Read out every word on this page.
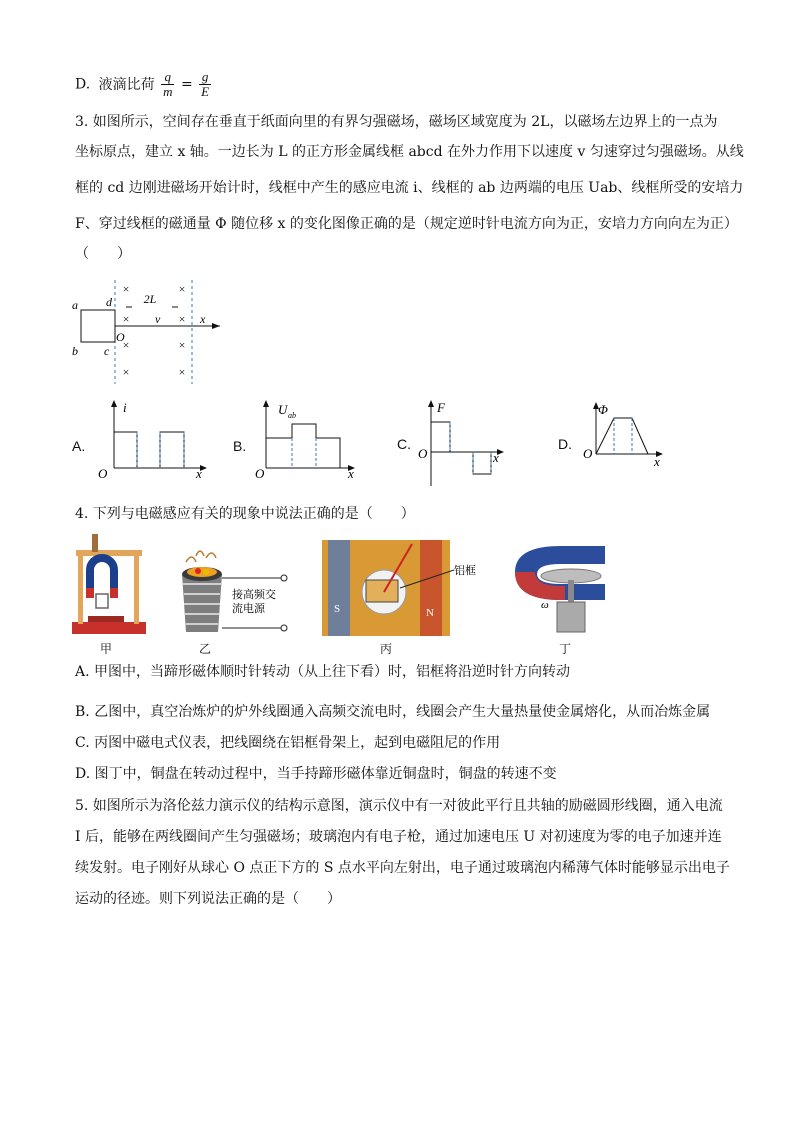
D. 液滴比荷 $\frac{q}{m} = \frac{g}{E}$
3. 如图所示，空间存在垂直于纸面向里的有界匀强磁场，磁场区域宽度为 2L，以磁场左边界上的一点为
坐标原点，建立 x 轴。一边长为 L 的正方形金属线框 abcd 在外力作用下以速度 v 匀速穿过匀强磁场。从线
框的 cd 边刚进磁场开始计时，线框中产生的感应电流 i、线框的 ab 边两端的电压 Uab、线框所受的安培力
F、穿过线框的磁通量 Φ 随位移 x 的变化图像正确的是（规定逆时针电流方向为正，安培力方向向左为正）
（　　）
2L
a d
b c
O
v	x
×	×
×	×
×	×
×	×
A.
i
O	x
B.
U ab
O	x
C.
F
O	x
D.
Φ
O
x
4. 下列与电磁感应有关的现象中说法正确的是（　　）
甲
接高频交
流电源
乙
S	N
铝框
丙
ω
丁
A. 甲图中，当蹄形磁体顺时针转动（从上往下看）时，铝框将沿逆时针方向转动
B. 乙图中，真空冶炼炉的炉外线圈通入高频交流电时，线圈会产生大量热量使金属熔化，从而冶炼金属
C. 丙图中磁电式仪表，把线圈绕在铝框骨架上，起到电磁阻尼的作用
D. 图丁中，铜盘在转动过程中，当手持蹄形磁体靠近铜盘时，铜盘的转速不变
5. 如图所示为洛伦兹力演示仪的结构示意图，演示仪中有一对彼此平行且共轴的励磁圆形线圈，通入电流
I 后，能够在两线圈间产生匀强磁场；玻璃泡内有电子枪，通过加速电压 U 对初速度为零的电子加速并连
续发射。电子刚好从球心 O 点正下方的 S 点水平向左射出，电子通过玻璃泡内稀薄气体时能够显示出电子
运动的径迹。则下列说法正确的是（　　）
